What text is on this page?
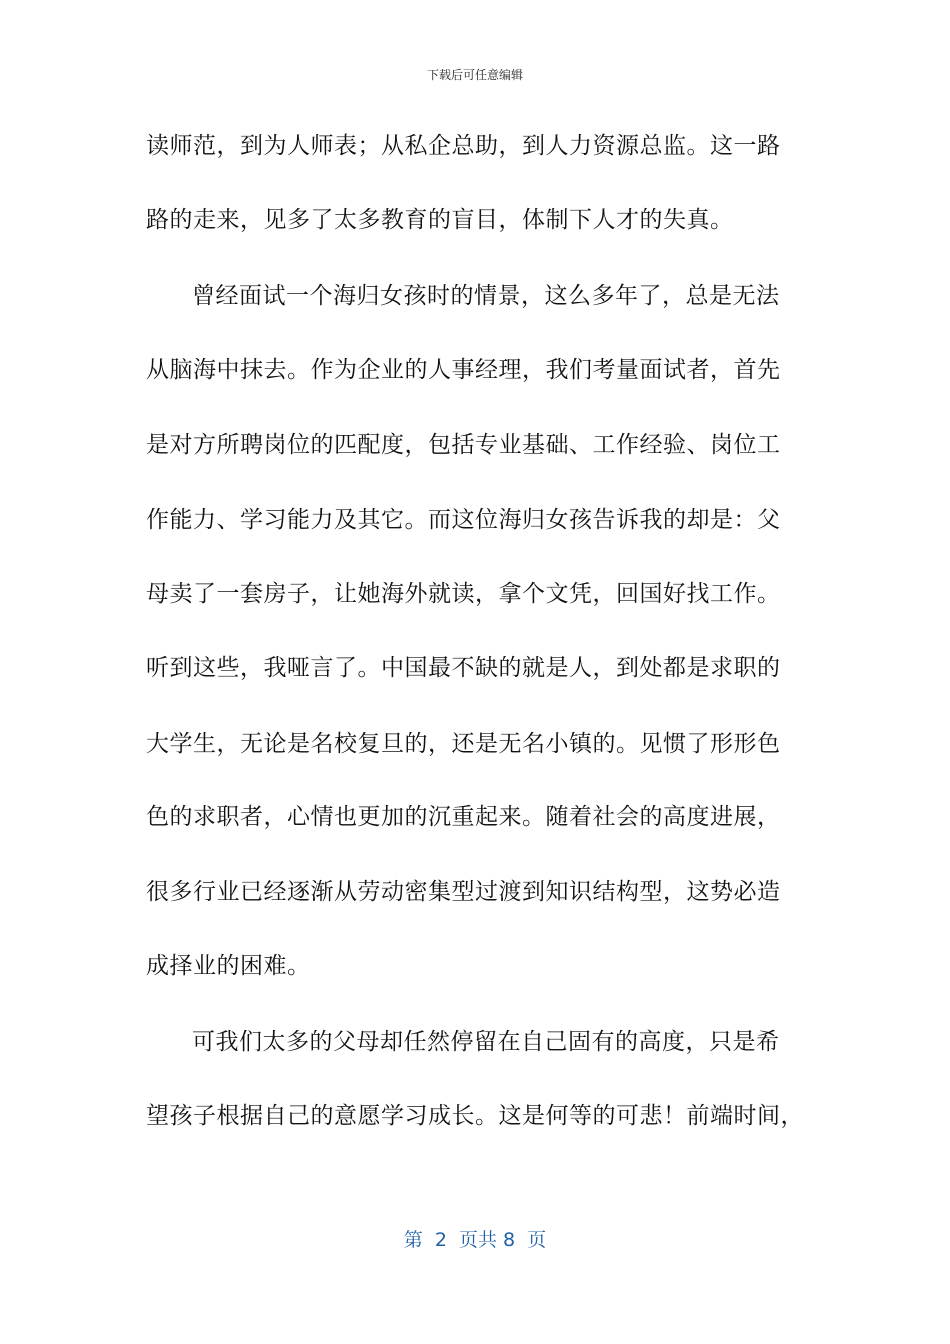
下载后可任意编辑
读师范，到为人师表；从私企总助，到人力资源总监。这一路
路的走来，见多了太多教育的盲目，体制下人才的失真。
曾经面试一个海归女孩时的情景，这么多年了，总是无法
从脑海中抹去。作为企业的人事经理，我们考量面试者，首先
是对方所聘岗位的匹配度，包括专业基础、工作经验、岗位工
作能力、学习能力及其它。而这位海归女孩告诉我的却是：父
母卖了一套房子，让她海外就读，拿个文凭，回国好找工作。
听到这些，我哑言了。中国最不缺的就是人，到处都是求职的
大学生，无论是名校复旦的，还是无名小镇的。见惯了形形色
色的求职者，心情也更加的沉重起来。随着社会的高度进展，
很多行业已经逐渐从劳动密集型过渡到知识结构型，这势必造
成择业的困难。
可我们太多的父母却任然停留在自己固有的高度，只是希
望孩子根据自己的意愿学习成长。这是何等的可悲！前端时间，
第  2  页共 8  页
